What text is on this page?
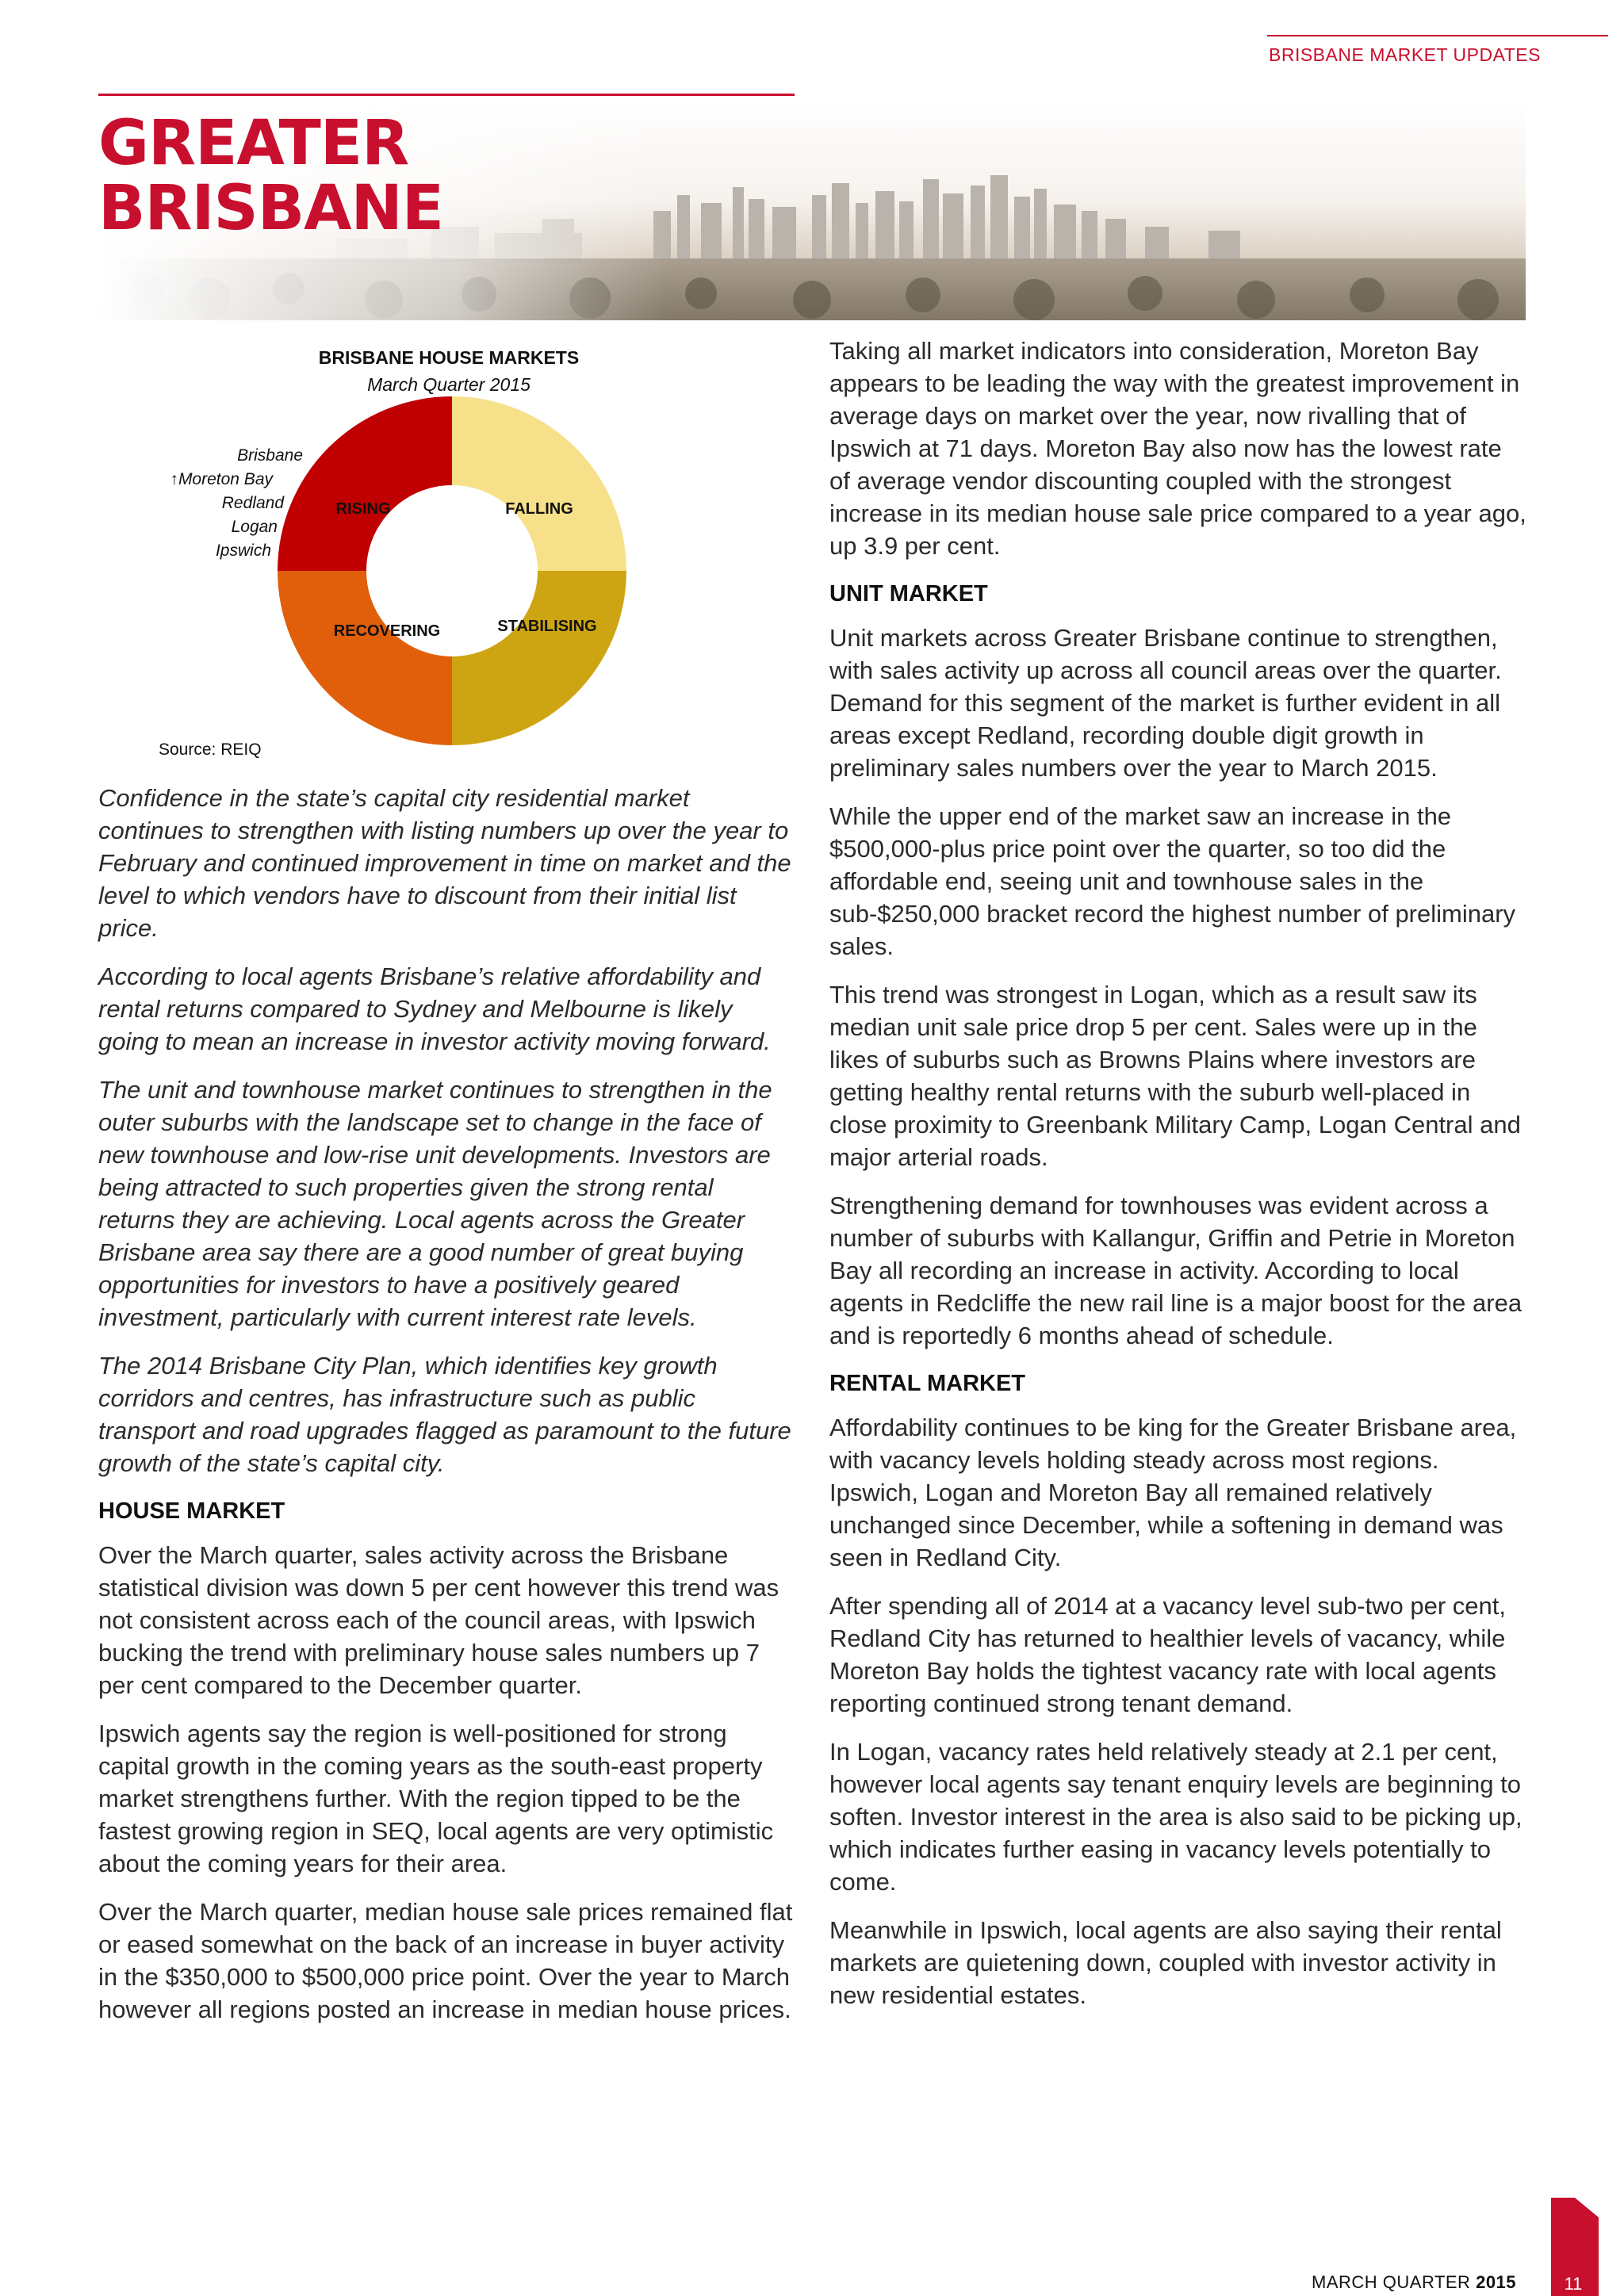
BRISBANE MARKET UPDATES
GREATER
BRISBANE
BRISBANE HOUSE MARKETS
March Quarter 2015
RISING	FALLING
STABILISING
RECOVERING
Brisbane
↑Moreton Bay
Redland
Logan
Ipswich
Source: REIQ

Confidence in the state’s capital city residential market continues to strengthen with listing numbers up over the year to February and continued improvement in time on market and the level to which vendors have to discount from their initial list price.

According to local agents Brisbane’s relative affordability and rental returns compared to Sydney and Melbourne is likely going to mean an increase in investor activity moving forward.

The unit and townhouse market continues to strengthen in the outer suburbs with the landscape set to change in the face of new townhouse and low-rise unit developments. Investors are being attracted to such properties given the strong rental returns they are achieving. Local agents across the Greater Brisbane area say there are a good number of great buying opportunities for investors to have a positively geared investment, particularly with current interest rate levels.

The 2014 Brisbane City Plan, which identifies key growth corridors and centres, has infrastructure such as public transport and road upgrades flagged as paramount to the future growth of the state’s capital city.

HOUSE MARKET

Over the March quarter, sales activity across the Brisbane statistical division was down 5 per cent however this trend was not consistent across each of the council areas, with Ipswich bucking the trend with preliminary house sales numbers up 7 per cent compared to the December quarter.

Ipswich agents say the region is well-positioned for strong capital growth in the coming years as the south-east property market strengthens further. With the region tipped to be the fastest growing region in SEQ, local agents are very optimistic about the coming years for their area.

Over the March quarter, median house sale prices remained flat or eased somewhat on the back of an increase in buyer activity in the $350,000 to $500,000 price point. Over the year to March however all regions posted an increase in median house prices.

Taking all market indicators into consideration, Moreton Bay appears to be leading the way with the greatest improvement in average days on market over the year, now rivalling that of Ipswich at 71 days. Moreton Bay also now has the lowest rate of average vendor discounting coupled with the strongest increase in its median house sale price compared to a year ago, up 3.9 per cent.

UNIT MARKET

Unit markets across Greater Brisbane continue to strengthen, with sales activity up across all council areas over the quarter. Demand for this segment of the market is further evident in all areas except Redland, recording double digit growth in preliminary sales numbers over the year to March 2015.

While the upper end of the market saw an increase in the $500,000-plus price point over the quarter, so too did the affordable end, seeing unit and townhouse sales in the sub-$250,000 bracket record the highest number of preliminary sales.

This trend was strongest in Logan, which as a result saw its median unit sale price drop 5 per cent. Sales were up in the likes of suburbs such as Browns Plains where investors are getting healthy rental returns with the suburb well-placed in close proximity to Greenbank Military Camp, Logan Central and major arterial roads.

Strengthening demand for townhouses was evident across a number of suburbs with Kallangur, Griffin and Petrie in Moreton Bay all recording an increase in activity. According to local agents in Redcliffe the new rail line is a major boost for the area and is reportedly 6 months ahead of schedule.

RENTAL MARKET

Affordability continues to be king for the Greater Brisbane area, with vacancy levels holding steady across most regions. Ipswich, Logan and Moreton Bay all remained relatively unchanged since December, while a softening in demand was seen in Redland City.

After spending all of 2014 at a vacancy level sub-two per cent, Redland City has returned to healthier levels of vacancy, while Moreton Bay holds the tightest vacancy rate with local agents reporting continued strong tenant demand.

In Logan, vacancy rates held relatively steady at 2.1 per cent, however local agents say tenant enquiry levels are beginning to soften. Investor interest in the area is also said to be picking up, which indicates further easing in vacancy levels potentially to come.

Meanwhile in Ipswich, local agents are also saying their rental markets are quietening down, coupled with investor activity in new residential estates.

MARCH QUARTER 2015	11
